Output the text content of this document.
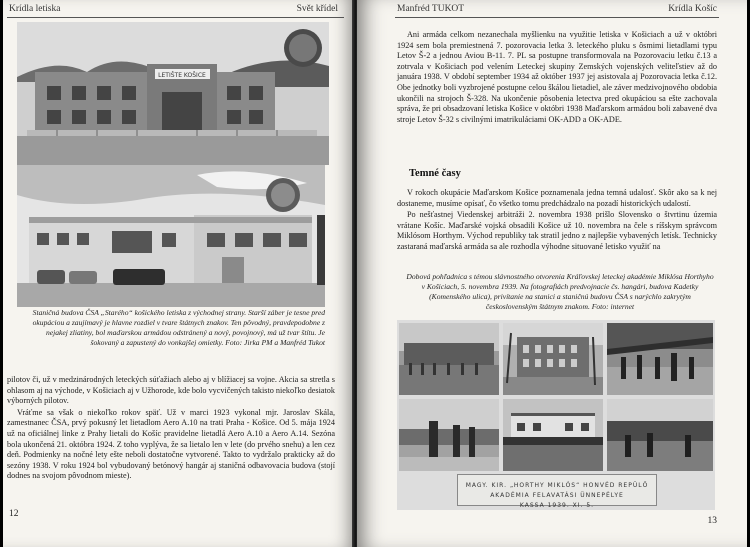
Krídla letiska	Svět křídel
LETIŠTE KOŠICE
Staničná budova ČSA „Starého“ košického letiska z východnej strany. Starší záber je tesne pred okupáciou a zaujímavý je hlavne rozdiel v tvare štátnych znakov. Ten pôvodný, pravdepodobne z nejakej zliatiny, bol maďarskou armádou odstránený a nový, povojnový, má už tvar štítu. Je šokovaný a zapustený do vonkajšej omietky. Foto: Jirka PM a Manfréd Tukot

pilotov či, už v medzinárodných leteckých súťažiach alebo aj v blížiacej sa vojne. Akcia sa stretla s ohlasom aj na východe, v Košiciach aj v Užhorode, kde bolo vycvičených takisto niekoľko desiatok výborných pilotov.

Vráťme sa však o niekoľko rokov späť. Už v marci 1923 vykonal mjr. Jaroslav Skála, zamestnanec ČSA, prvý pokusný let lietadlom Aero A.10 na trati Praha - Košice. Od 5. mája 1924 už na oficiálnej linke z Prahy lietali do Košíc pravidelne lietadlá Aero A.10 a Aero A.14. Sezóna bola ukončená 21. októbra 1924. Z toho vyplýva, že sa lietalo len v lete (do prvého snehu) a len cez deň. Podmienky na nočné lety ešte neboli dostatočne vytvorené. Takto to vydržalo prakticky až do sezóny 1938. V roku 1924 bol vybudovaný betónový hangár aj staničná odbavovacia budova (stojí dodnes na svojom pôvodnom mieste).

12
Manfréd TUKOT	Krídla Košíc
Ani armáda celkom nezanechala myšlienku na využitie letiska v Košiciach a už v októbri 1924 sem bola premiestnená 7. pozorovacia letka 3. leteckého pluku s ôsmimi lietadlami typu Letov Š-2 a jednou Aviou B-11. 7. PL sa postupne transformovala na Pozorovaciu letku č.13 a zotrvala v Košiciach pod velením Leteckej skupiny Zemských vojenských veliteľstiev až do januára 1938. V období september 1934 až október 1937 jej asistovala aj Pozorovacia letka č.12. Obe jednotky boli vyzbrojené postupne celou škálou lietadiel, ale záver medzivojnového obdobia ukončili na strojoch Š-328. Na ukončenie pôsobenia letectva pred okupáciou sa ešte zachovala správa, že pri obsadzovaní letiska Košice v októbri 1938 Maďarskom armádou boli zabavené dva stroje Letov Š-32 s civilnými imatrikuláciami OK-ADD a OK-ADE.
Temné časy

V rokoch okupácie Maďarskom Košice poznamenala jedna temná udalosť. Skôr ako sa k nej dostaneme, musíme opísať, čo všetko tomu predchádzalo na pozadí historických udalostí.

Po nešťastnej Viedenskej arbitráži 2. novembra 1938 prišlo Slovensko o štvrtinu územia vrátane Košíc. Maďarské vojská obsadili Košice už 10. novembra na čele s ríšskym správcom Miklósom Horthym. Východ republiky tak stratil jedno z najlepšie vybavených letísk. Technicky zastaraná maďarská armáda sa ale rozhodla výhodne situované letisko využiť na

Dobová pohľadnica s témou slávnostného otvorenia Kráľovskej leteckej akadémie Miklósa Horthyho v Košiciach, 5. novembra 1939. Na fotografiách predvojnacie čs. hangári, budova Kadetky (Komenského ulica), privítanie na stanici a staničnú budovu ČSA s narýchlo zakrytým československým štátnym znakom. Foto: internet
MAGY. KIR. „HORTHY MIKLÓS“ HONVÉD REPÜLŐ AKADÉMIA FELAVATÁSI ÜNNEPÉLYE
KASSA 1939. XI. 5.
13
